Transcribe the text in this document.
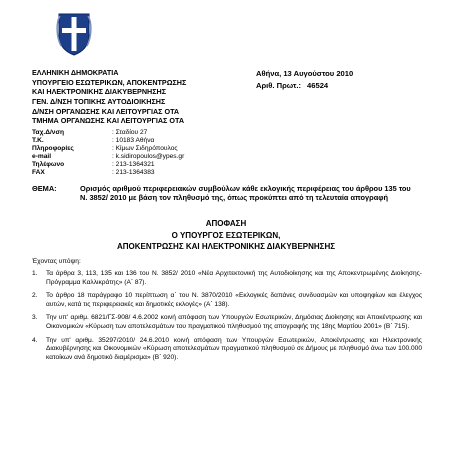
ΕΛΛΗΝΙΚΗ ΔΗΜΟΚΡΑΤΙΑ
ΥΠΟΥΡΓΕΙΟ ΕΣΩΤΕΡΙΚΩΝ, ΑΠΟΚΕΝΤΡΩΣΗΣ
ΚΑΙ ΗΛΕΚΤΡΟΝΙΚΗΣ ΔΙΑΚΥΒΕΡΝΗΣΗΣ
ΓΕΝ. Δ/ΝΣΗ ΤΟΠΙΚΗΣ ΑΥΤΟΔΙΟΙΚΗΣΗΣ
Δ/ΝΣΗ ΟΡΓΑΝΩΣΗΣ ΚΑΙ ΛΕΙΤΟΥΡΓΙΑΣ ΟΤΑ
ΤΜΗΜΑ ΟΡΓΑΝΩΣΗΣ ΚΑΙ ΛΕΙΤΟΥΡΓΙΑΣ ΟΤΑ
Αθήνα, 13 Αυγούστου 2010
Αριθ. Πρωτ.: 46524
Ταχ.Δ/νση	: Σταδίου 27
Τ.Κ.	: 10183 Αθήνα
Πληροφορίες	: Κίμων Σιδηρόπουλος
e-mail	: k.sidiropoulos@ypes.gr
Τηλέφωνο	: 213-1364321
FAX	: 213-1364383
ΘΕΜΑ:	Ορισμός αριθμού περιφερειακών συμβούλων κάθε εκλογικής περιφέρειας του άρθρου 135 του Ν. 3852/ 2010 με βάση τον πληθυσμό της, όπως προκύπτει από τη τελευταία απογραφή
ΑΠΟΦΑΣΗ
Ο ΥΠΟΥΡΓΟΣ ΕΣΩΤΕΡΙΚΩΝ,
ΑΠΟΚΕΝΤΡΩΣΗΣ ΚΑΙ ΗΛΕΚΤΡΟΝΙΚΗΣ ΔΙΑΚΥΒΕΡΝΗΣΗΣ
Έχοντας υπόψη:
1. Τα άρθρα 3, 113, 135 και 136 του Ν. 3852/ 2010 «Νέα Αρχιτεκτονική της Αυτοδιοίκησης και της Αποκεντρωμένης Διοίκησης- Πρόγραμμα Καλλικράτης» (Α΄ 87).
2. Το άρθρο 18 παράγραφο 10 περίπτωση α΄ του Ν. 3870/2010 «Εκλογικές δαπάνες συνδυασμών και υποψηφίων και έλεγχος αυτών, κατά τις περιφερειακές και δημοτικές εκλογές» (Α΄ 138).
3. Την υπ' αριθμ. 6821/ΓΣ-908/ 4.6.2002 κοινή απόφαση των Υπουργών Εσωτερικών, Δημόσιας Διοίκησης και Αποκέντρωσης και Οικονομικών «Κύρωση των αποτελεσμάτων του πραγματικού πληθυσμού της απογραφής της 18ης Μαρτίου 2001» (Β΄ 715).
4. Την υπ' αριθμ. 35297/2010/ 24.6.2010 κοινή απόφαση των Υπουργών Εσωτερικών, Αποκέντρωσης και Ηλεκτρονικής Διακυβέρνησης και Οικονομικών «Κύρωση αποτελεσμάτων πραγματικού πληθυσμού σε Δήμους με πληθυσμό άνω των 100.000 κατοίκων ανά δημοτικό διαμέρισμα» (Β΄ 920).
